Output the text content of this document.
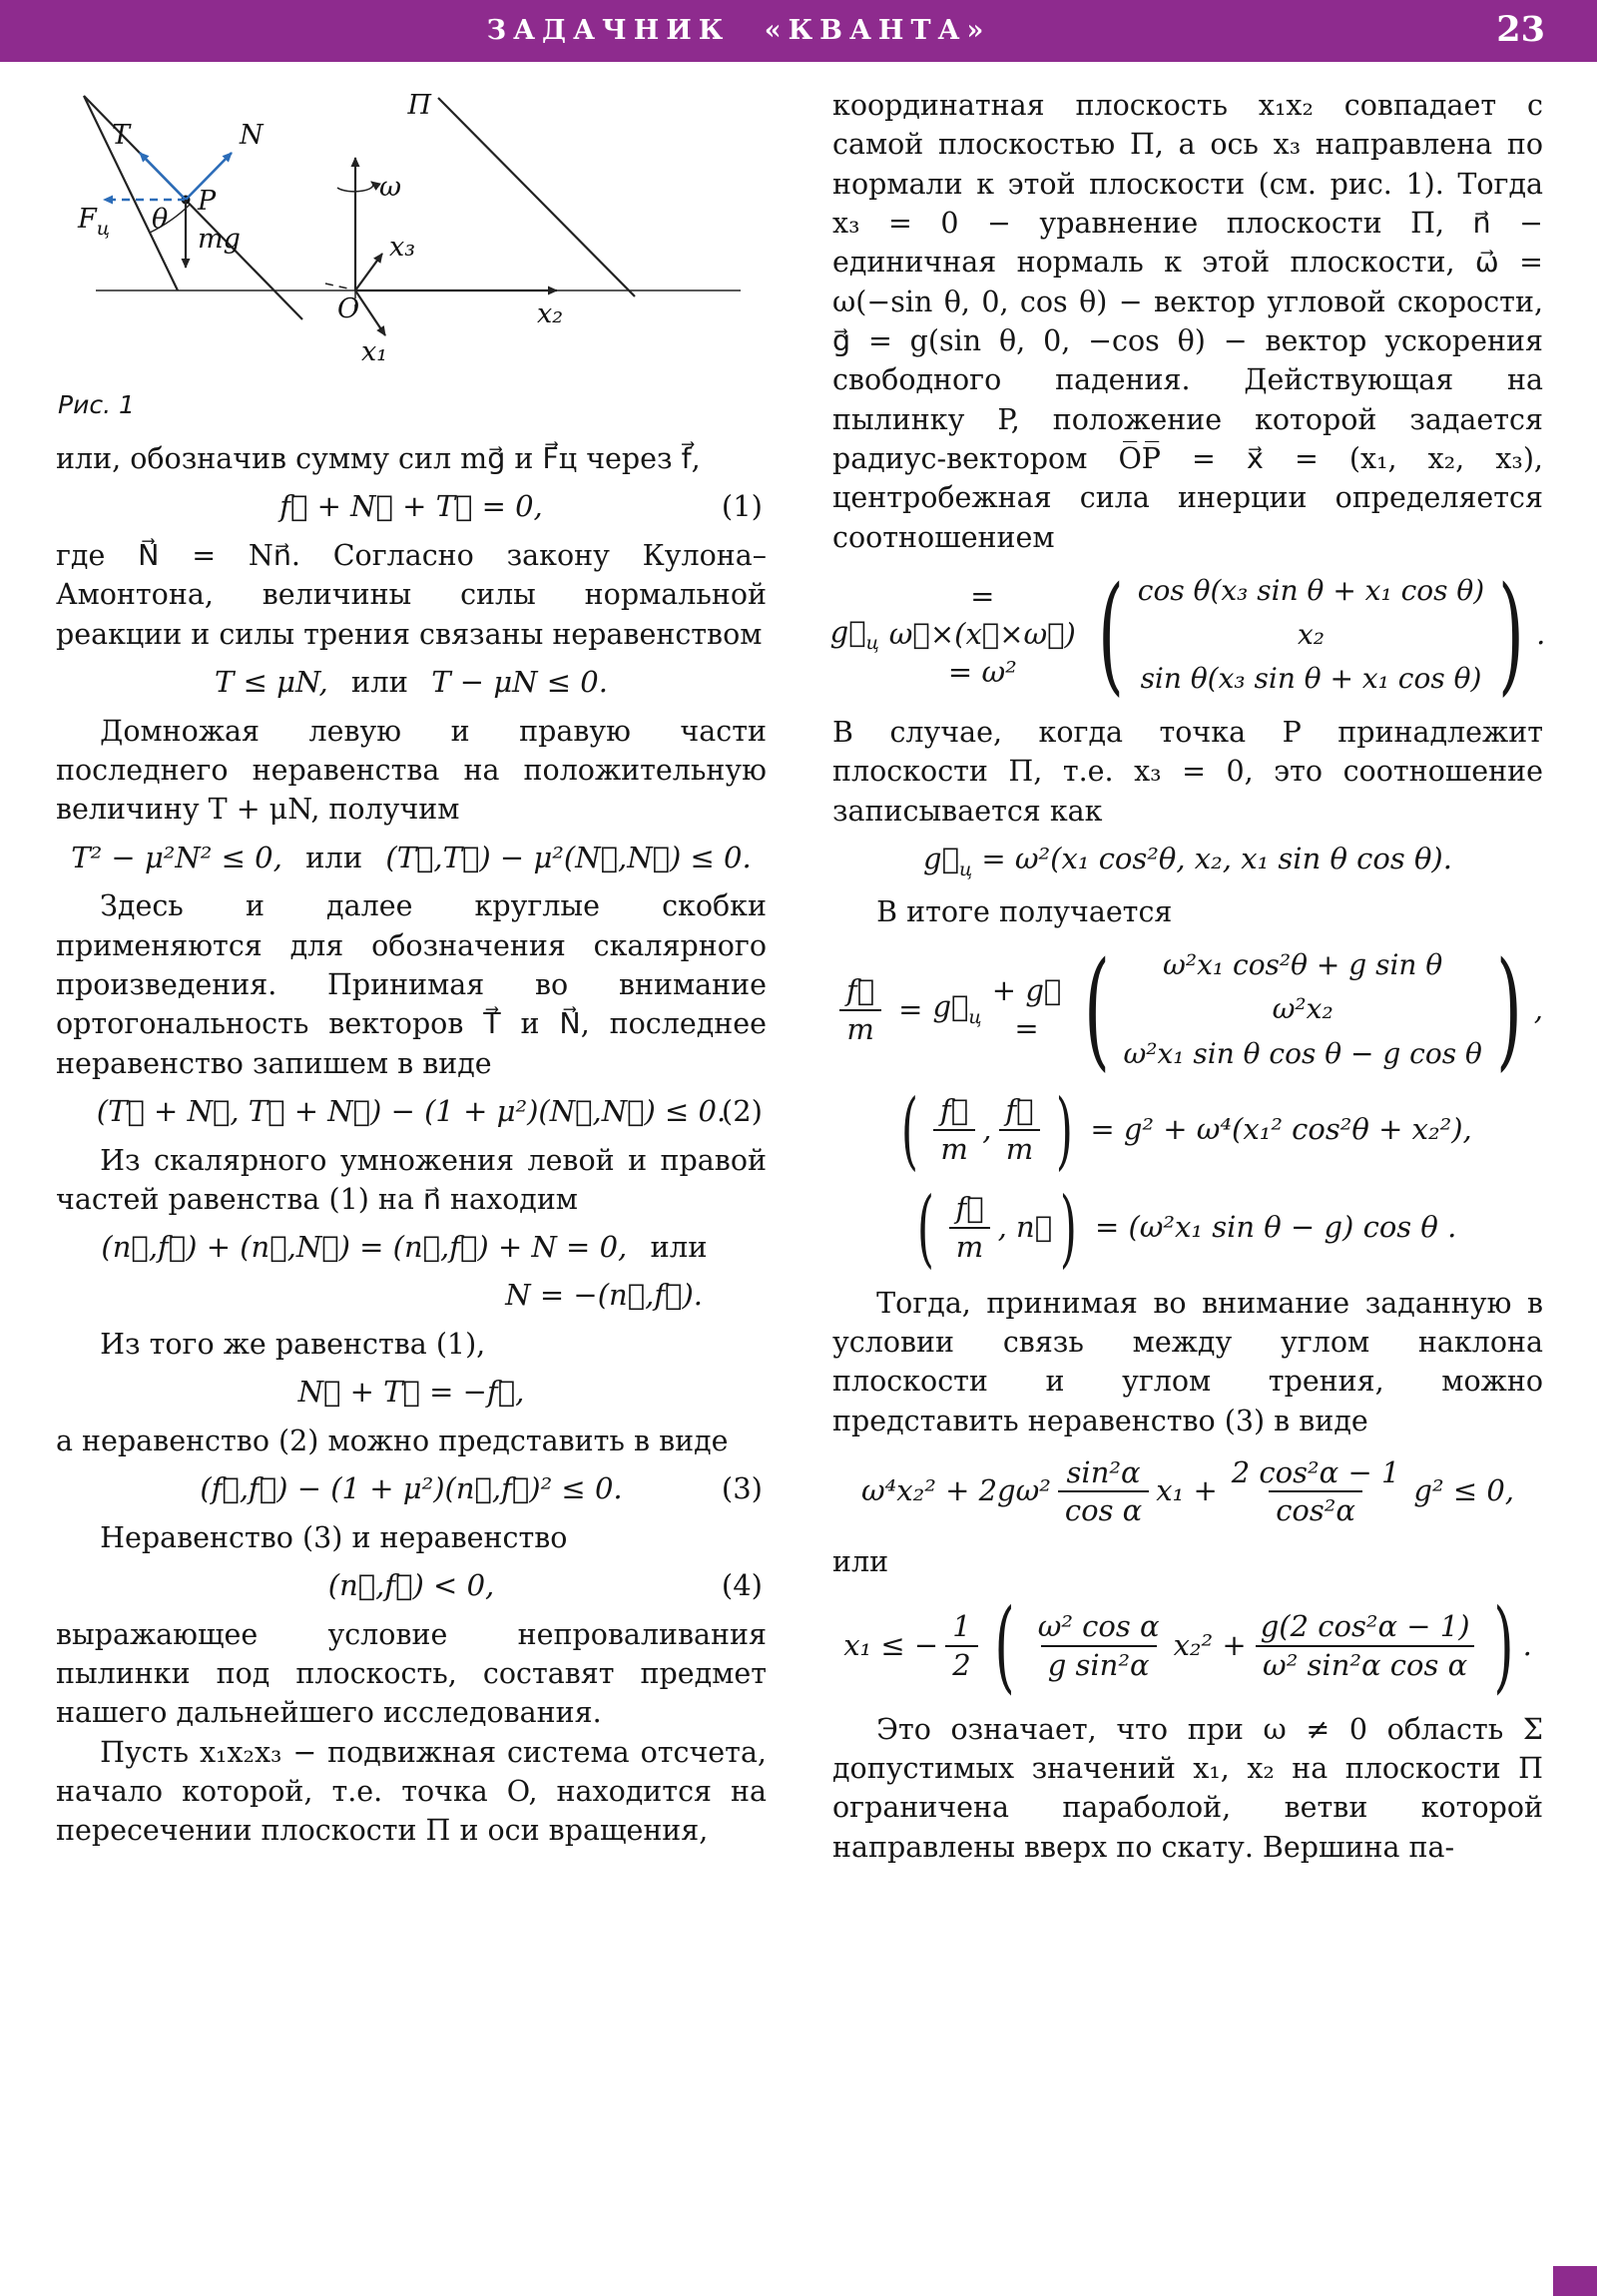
ЗАДАЧНИК «КВАНТА»	23
θ
T	N
P
$F_ц$	mg
x₂
ω
x₃
x₁
O
П
Рис. 1

или, обозначив сумму сил mg⃗ и F⃗ц через f⃗,

f⃗ + N⃗ + T⃗ = 0,	(1)

где N⃗ = Nn⃗. Согласно закону Кулона–Амонтона, величины силы нормальной реакции и силы трения связаны неравенством

T ≤ μN, или T − μN ≤ 0.

Домножая левую и правую части последнего неравенства на положительную величину T + μN, получим

T² − μ²N² ≤ 0, или (T⃗,T⃗) − μ²(N⃗,N⃗) ≤ 0.

Здесь и далее круглые скобки применяются для обозначения скалярного произведения. Принимая во внимание ортогональность векторов T⃗ и N⃗, последнее неравенство запишем в виде

(T⃗ + N⃗, T⃗ + N⃗) − (1 + μ²)(N⃗,N⃗) ≤ 0.
(2)

Из скалярного умножения левой и правой частей равенства (1) на n⃗ находим

(n⃗,f⃗) + (n⃗,N⃗) = (n⃗,f⃗) + N = 0, или
N = −(n⃗,f⃗).

Из того же равенства (1),

N⃗ + T⃗ = −f⃗,

а неравенство (2) можно представить в виде

(f⃗,f⃗) − (1 + μ²)(n⃗,f⃗)² ≤ 0.	(3)

Неравенство (3) и неравенство

(n⃗,f⃗) < 0,	(4)

выражающее условие непроваливания пылинки под плоскость, составят предмет нашего дальнейшего исследования.

Пусть x₁x₂x₃ − подвижная система отсчета, начало которой, т.е. точка O, находится на пересечении плоскости П и оси вращения,

координатная плоскость x₁x₂ совпадает с самой плоскостью П, а ось x₃ направлена по нормали к этой плоскости (см. рис. 1). Тогда x₃ = 0 − уравнение плоскости П, n⃗ − единичная нормаль к этой плоскости, ω⃗ = ω(−sin θ, 0, cos θ) − вектор угловой скорости, g⃗ = g(sin θ, 0, −cos θ) − вектор ускорения свободного падения. Действующая на пылинку P, положение которой задается радиус-вектором O̅P̅ = x⃗ = (x₁, x₂, x₃), центробежная сила инерции определяется соотношением

$g⃗_ц$
= ω⃗×(x⃗×ω⃗) = ω² ( cos θ(x₃ sin θ + x₁ cos θ)
x₂
sin θ(x₃ sin θ + x₁ cos θ) ) .

В случае, когда точка P принадлежит плоскости П, т.е. x₃ = 0, это соотношение записывается как

$g⃗_ц = \omega^2(x_1$ cos²θ, x₂, x₁ sin θ cos θ).

В итоге получается

$\frac{f⃗}{m}$ = $g⃗_ц$
+ g⃗ = (	ω²x₁ cos²θ + g sin θ
ω²x₂
ω²x₁ sin θ cos θ − g cos θ ) ,
( $\frac{f⃗}{m}$ , $\frac{f⃗}{m}$ ) = g² + ω⁴(x₁² cos²θ + x₂²),
( $\frac{f⃗}{m}$ , n⃗ ) = (ω²x₁ sin θ − g) cos θ .

Тогда, принимая во внимание заданную в условии связь между углом наклона плоскости и углом трения, можно представить неравенство (3) в виде

$\omega^4x_2^2 + 2g\omega^2 \frac{\text{sin²α}}{\text{cos α}} x_1 + \frac{\text{2 cos²α − 1}}{\text{cos²α}} g^2 \le 0$,

или

x₁ ≤ − $\frac{1}{2}$ ( $\frac{\text{ω² cos α}}{\text{g sin²α}} x_2^2 + \frac{\text{g(2 cos²α − 1)}}{\text{ω² sin²α cos α}}$ ) .

Это означает, что при ω ≠ 0 область Σ допустимых значений x₁, x₂ на плоскости П ограничена параболой, ветви которой направлены вверх по скату. Вершина па-
